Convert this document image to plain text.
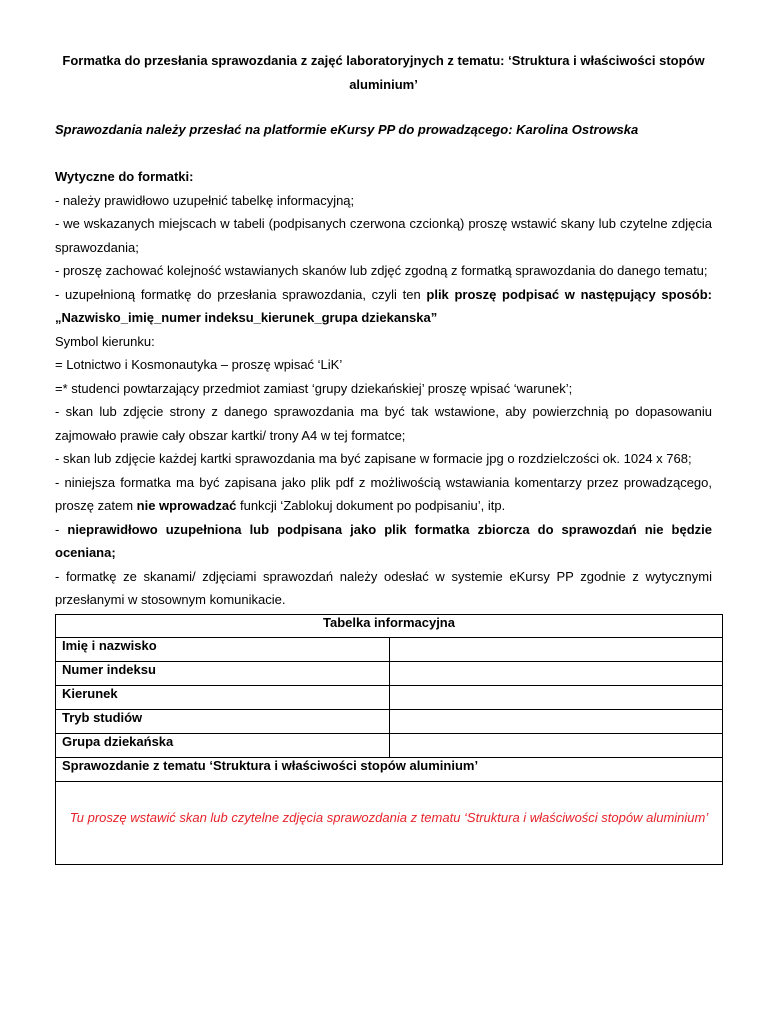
Formatka do przesłania sprawozdania z zajęć laboratoryjnych z tematu: ‘Struktura i właściwości stopów
aluminium’
Sprawozdania należy przesłać na platformie eKursy PP do prowadzącego: Karolina Ostrowska

Wytyczne do formatki:

- należy prawidłowo uzupełnić tabelkę informacyjną;

- we wskazanych miejscach w tabeli (podpisanych czerwona czcionką) proszę wstawić skany lub czytelne zdjęcia sprawozdania;

- proszę zachować kolejność wstawianych skanów lub zdjęć zgodną z formatką sprawozdania do danego tematu;

- uzupełnioną formatkę do przesłania sprawozdania, czyli ten plik proszę podpisać w następujący sposób: „Nazwisko_imię_numer indeksu_kierunek_grupa dziekanska”

Symbol kierunku:

= Lotnictwo i Kosmonautyka – proszę wpisać ‘LiK’

=* studenci powtarzający przedmiot zamiast ‘grupy dziekańskiej’ proszę wpisać ‘warunek’;

- skan lub zdjęcie strony z danego sprawozdania ma być tak wstawione, aby powierzchnią po dopasowaniu zajmowało prawie cały obszar kartki/ trony A4 w tej formatce;

- skan lub zdjęcie każdej kartki sprawozdania ma być zapisane w formacie jpg o rozdzielczości ok. 1024 x 768;

- niniejsza formatka ma być zapisana jako plik pdf z możliwością wstawiania komentarzy przez prowadzącego, proszę zatem nie wprowadzać funkcji ‘Zablokuj dokument po podpisaniu’, itp.

- nieprawidłowo uzupełniona lub podpisana jako plik formatka zbiorcza do sprawozdań nie będzie oceniana;

- formatkę ze skanami/ zdjęciami sprawozdań należy odesłać w systemie eKursy PP zgodnie z wytycznymi przesłanymi w stosownym komunikacie.

Tabelka informacyjna	
Imię i nazwisko	
Numer indeksu	
Kierunek	
Tryb studiów	
Grupa dziekańska	
Sprawozdanie z tematu ‘Struktura i właściwości stopów aluminium’	
Tu proszę wstawić skan lub czytelne zdjęcia sprawozdania z tematu ‘Struktura i właściwości stopów aluminium’	
